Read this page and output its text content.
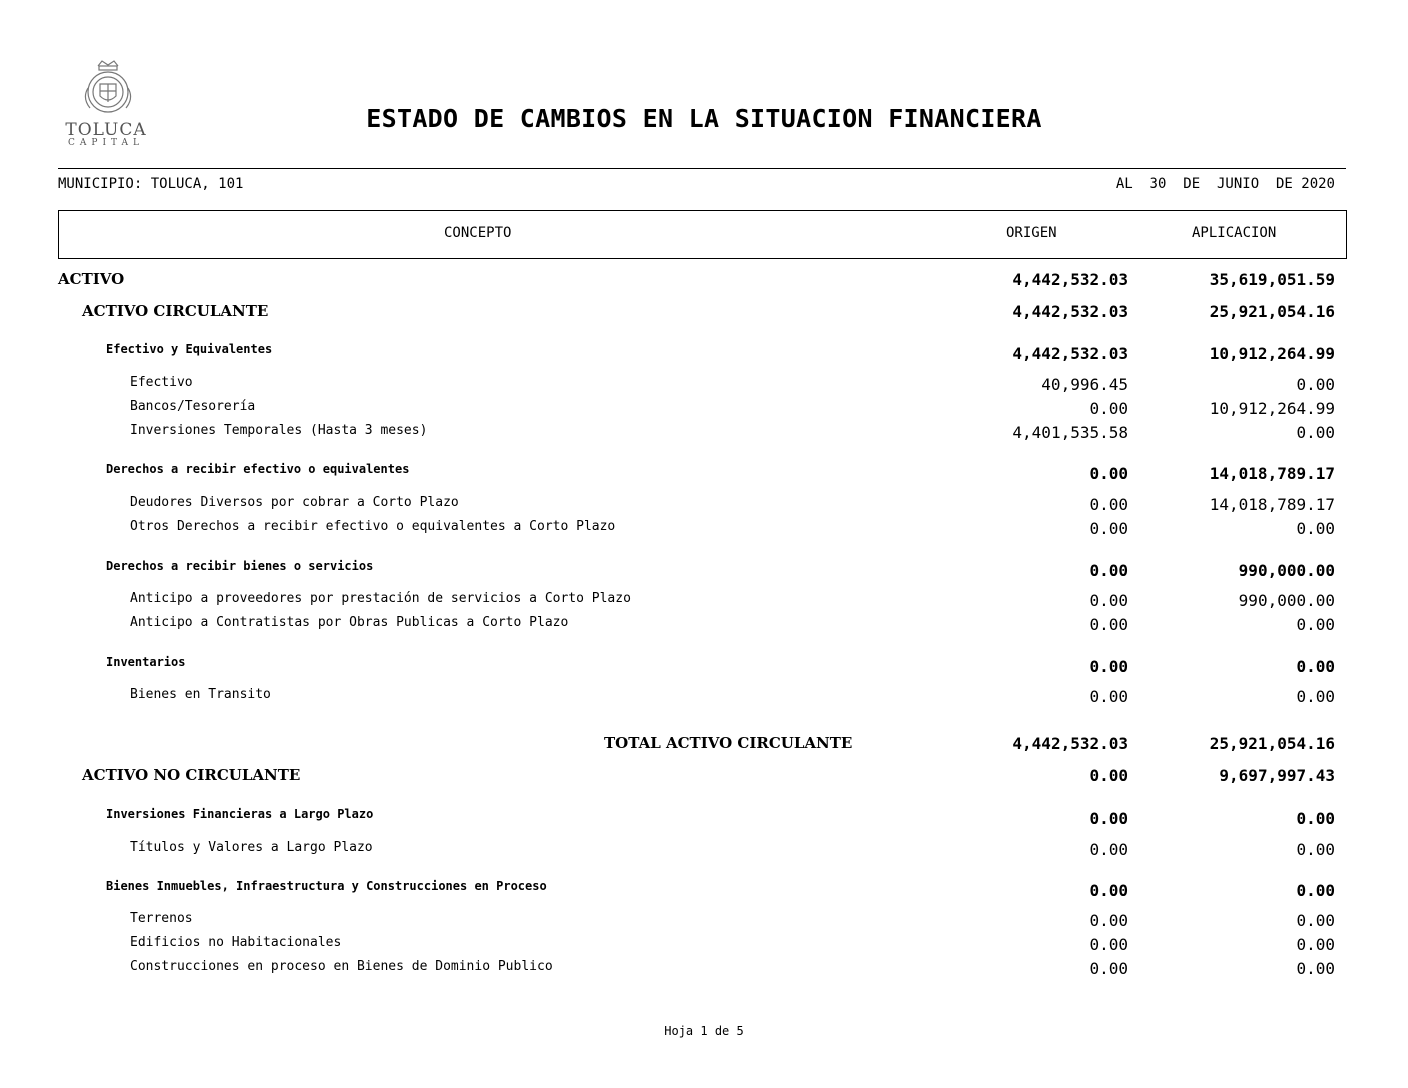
TOLUCA
CAPITAL
ESTADO DE CAMBIOS EN LA SITUACION FINANCIERA
MUNICIPIO: TOLUCA, 101	AL  30  DE  JUNIO  DE 2020
CONCEPTO	ORIGEN	APLICACION
ACTIVO	4,442,532.03	35,619,051.59
ACTIVO CIRCULANTE	4,442,532.03	25,921,054.16
Efectivo y Equivalentes	4,442,532.03	10,912,264.99
Efectivo	40,996.45	0.00
Bancos/Tesorería	0.00	10,912,264.99
Inversiones Temporales (Hasta 3 meses)	4,401,535.58	0.00
Derechos a recibir efectivo o equivalentes	0.00	14,018,789.17
Deudores Diversos por cobrar a Corto Plazo	0.00	14,018,789.17
Otros Derechos a recibir efectivo o equivalentes a Corto Plazo	0.00	0.00
Derechos a recibir bienes o servicios	0.00	990,000.00
Anticipo a proveedores por prestación de servicios a Corto Plazo	0.00	990,000.00
Anticipo a Contratistas por Obras Publicas a Corto Plazo	0.00	0.00
Inventarios	0.00	0.00
Bienes en Transito	0.00	0.00
TOTAL ACTIVO CIRCULANTE	4,442,532.03	25,921,054.16
ACTIVO NO CIRCULANTE	0.00	9,697,997.43
Inversiones Financieras a Largo Plazo	0.00	0.00
Títulos y Valores a Largo Plazo	0.00	0.00
Bienes Inmuebles, Infraestructura y Construcciones en Proceso	0.00	0.00
Terrenos	0.00	0.00
Edificios no Habitacionales	0.00	0.00
Construcciones en proceso en Bienes de Dominio Publico	0.00	0.00
Hoja 1 de 5
